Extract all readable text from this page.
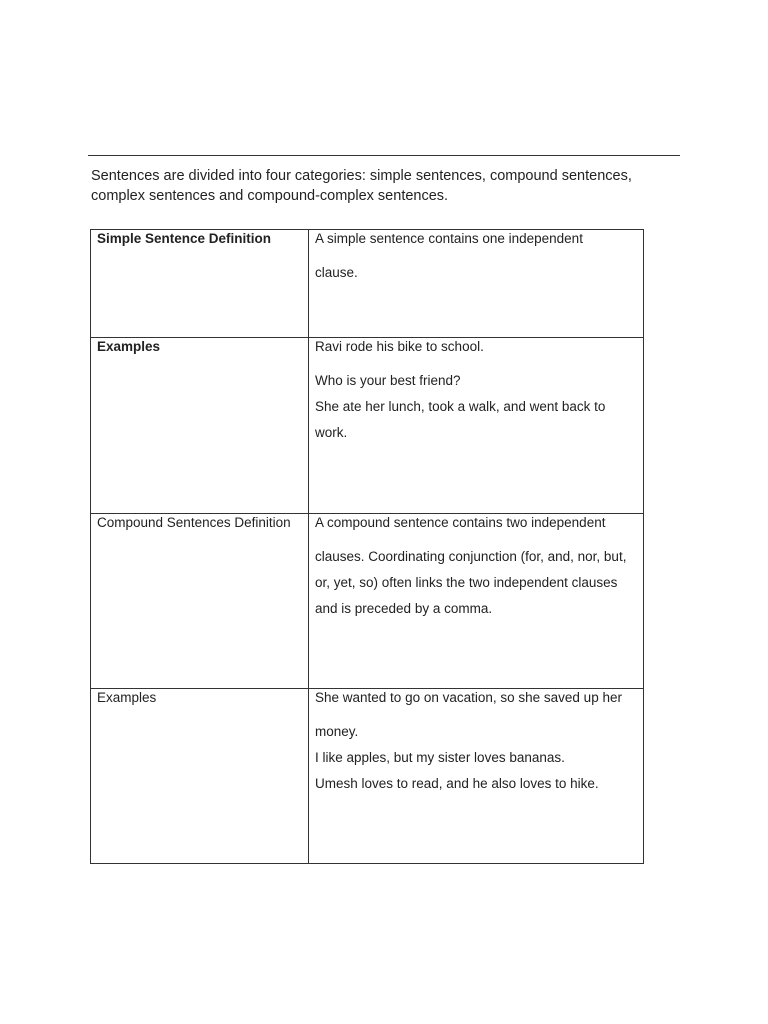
Sentences are divided into four categories: simple sentences, compound sentences, complex sentences and compound-complex sentences.

Simple Sentence Definition	A simple sentence contains one independent
clause.

Examples	Ravi rode his bike to school.
Who is your best friend?
She ate her lunch, took a walk, and went back to
work.

Compound Sentences Definition	A compound sentence contains two independent
clauses. Coordinating conjunction (for, and, nor, but,
or, yet, so) often links the two independent clauses
and is preceded by a comma.

Examples	She wanted to go on vacation, so she saved up her
money.
I like apples, but my sister loves bananas.
Umesh loves to read, and he also loves to hike.
